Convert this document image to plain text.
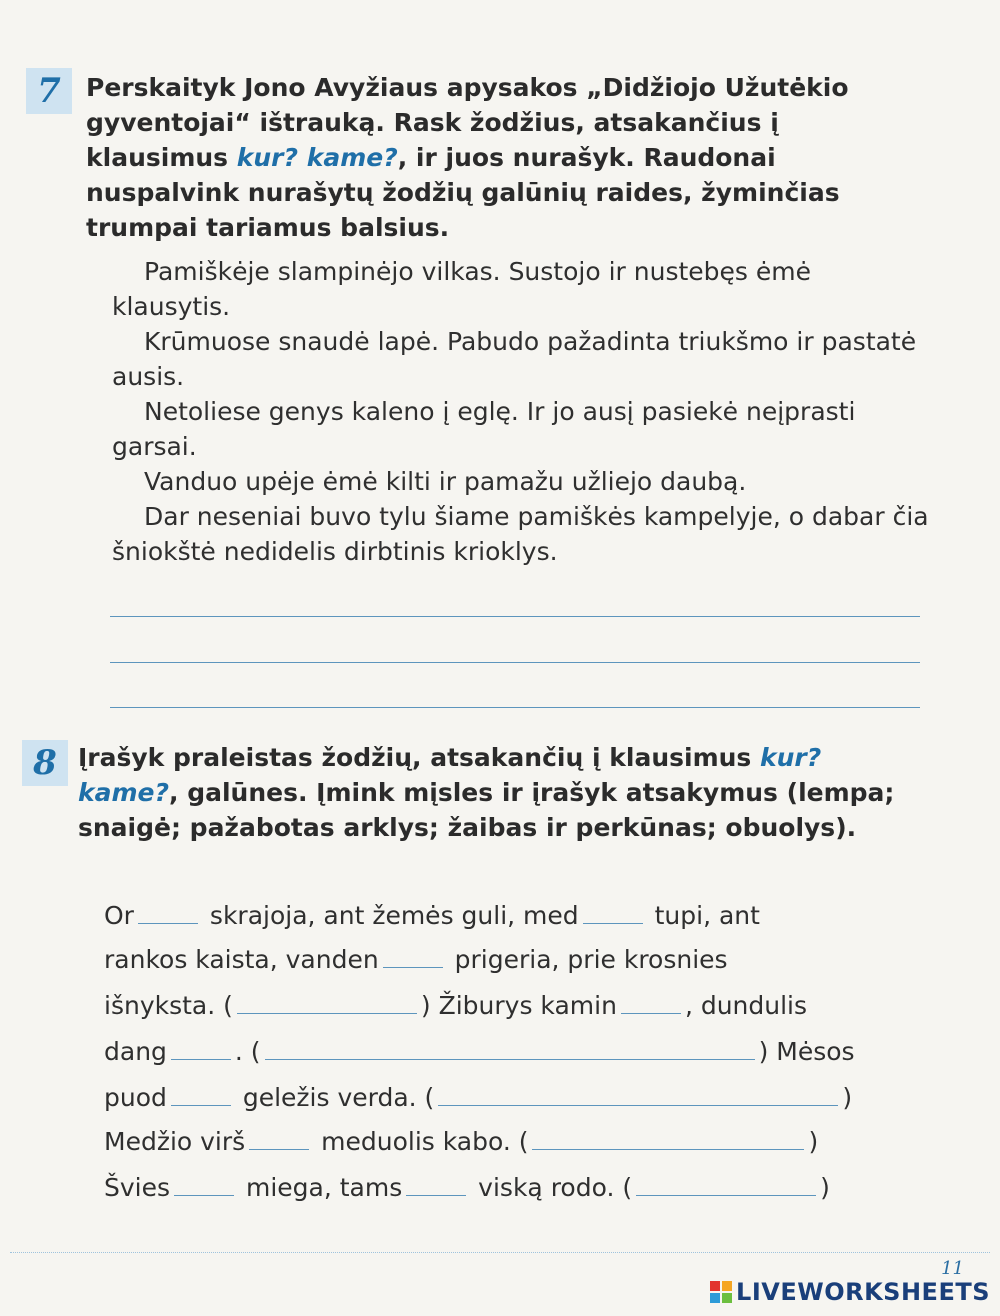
7	Perskaityk Jono Avyžiaus apysakos „Didžiojo Užutėkio gyventojai“ ištrauką. Rask žodžius, atsakančius į klausimus kur? kame?, ir juos nurašyk. Raudonai nuspalvink nurašytų žodžių galūnių raides, žyminčias trumpai tariamus balsius.

Pamiškėje slampinėjo vilkas. Sustojo ir nustebęs ėmė klausytis.

Krūmuose snaudė lapė. Pabudo pažadinta triukšmo ir pastatė ausis.

Netoliese genys kaleno į eglę. Ir jo ausį pasiekė neįprasti garsai.

Vanduo upėje ėmė kilti ir pamažu užliejo daubą.

Dar neseniai buvo tylu šiame pamiškės kampelyje, o dabar čia šniokštė nedidelis dirbtinis krioklys.

8 Įrašyk praleistas žodžių, atsakančių į klausimus kur? kame?, galūnes. Įmink mįsles ir įrašyk atsakymus (lempa; snaigė; pažabotas arklys; žaibas ir perkūnas; obuolys).
Or	skrajoja, ant žemės guli, med	tupi, ant
rankos kaista, vanden	prigeria, prie krosnies
išnyksta. (	) Žiburys kamin	, dundulis
dang	. (	) Mėsos
puod	geležis verda. (	)
Medžio virš	meduolis kabo. (	)
Švies	miega, tams	viską rodo. (	)
11
LIVEWORKSHEETS
